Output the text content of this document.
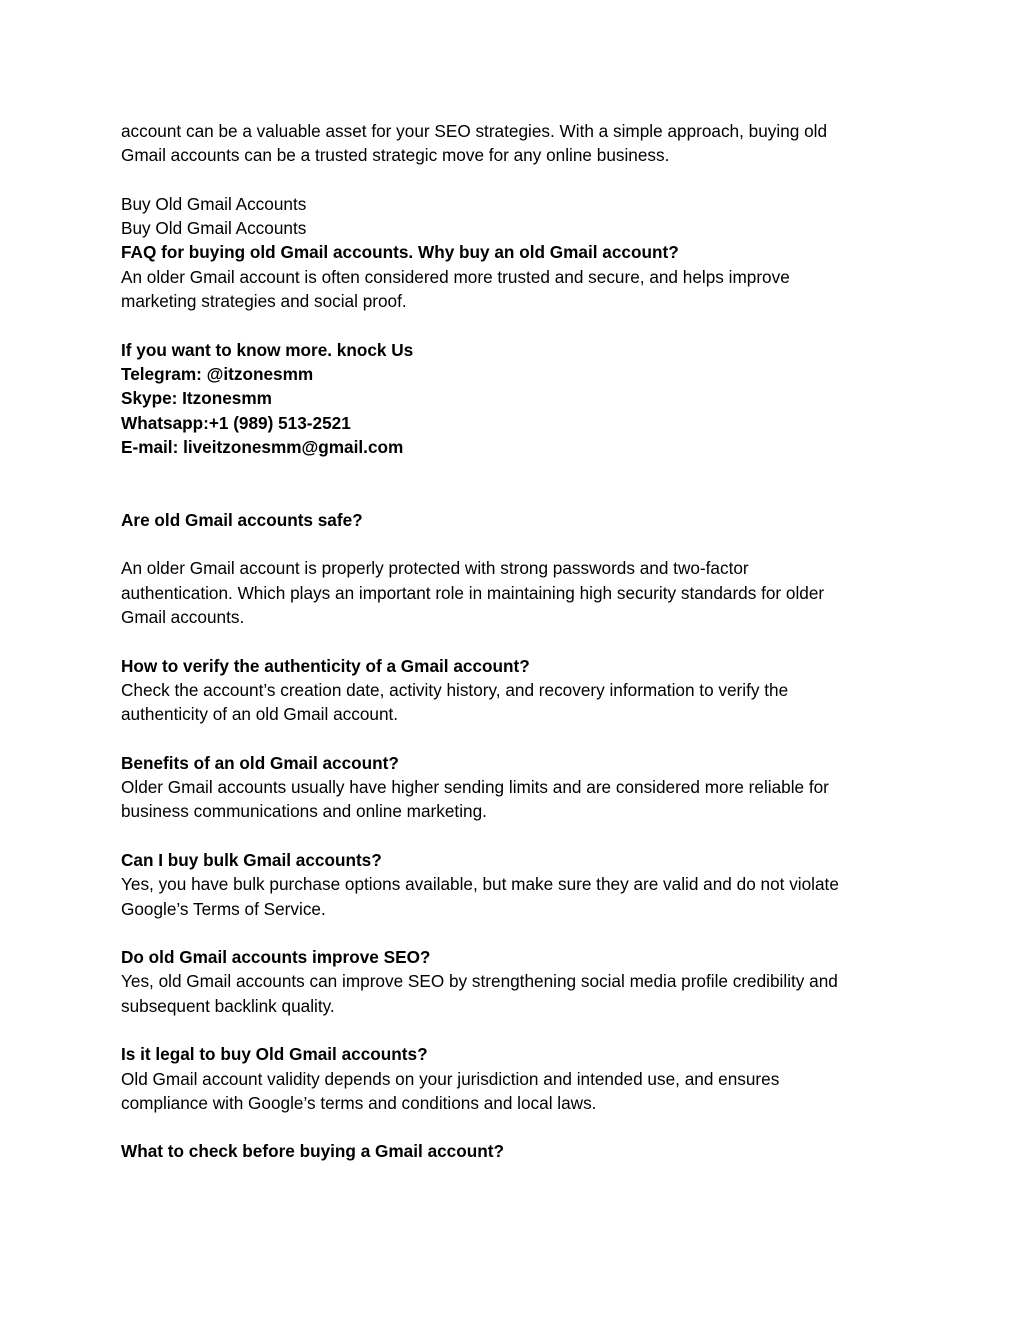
account can be a valuable asset for your SEO strategies. With a simple approach, buying old
Gmail accounts can be a trusted strategic move for any online business.

Buy Old Gmail Accounts
Buy Old Gmail Accounts
FAQ for buying old Gmail accounts. Why buy an old Gmail account?
An older Gmail account is often considered more trusted and secure, and helps improve
marketing strategies and social proof.

If you want to know more. knock Us
Telegram: @itzonesmm
Skype: Itzonesmm
Whatsapp:+1 (989) 513-2521
E-mail: liveitzonesmm@gmail.com

Are old Gmail accounts safe?

An older Gmail account is properly protected with strong passwords and two-factor
authentication. Which plays an important role in maintaining high security standards for older
Gmail accounts.

How to verify the authenticity of a Gmail account?
Check the account’s creation date, activity history, and recovery information to verify the
authenticity of an old Gmail account.

Benefits of an old Gmail account?
Older Gmail accounts usually have higher sending limits and are considered more reliable for
business communications and online marketing.

Can I buy bulk Gmail accounts?
Yes, you have bulk purchase options available, but make sure they are valid and do not violate
Google’s Terms of Service.

Do old Gmail accounts improve SEO?
Yes, old Gmail accounts can improve SEO by strengthening social media profile credibility and
subsequent backlink quality.

Is it legal to buy Old Gmail accounts?
Old Gmail account validity depends on your jurisdiction and intended use, and ensures
compliance with Google’s terms and conditions and local laws.

What to check before buying a Gmail account?
